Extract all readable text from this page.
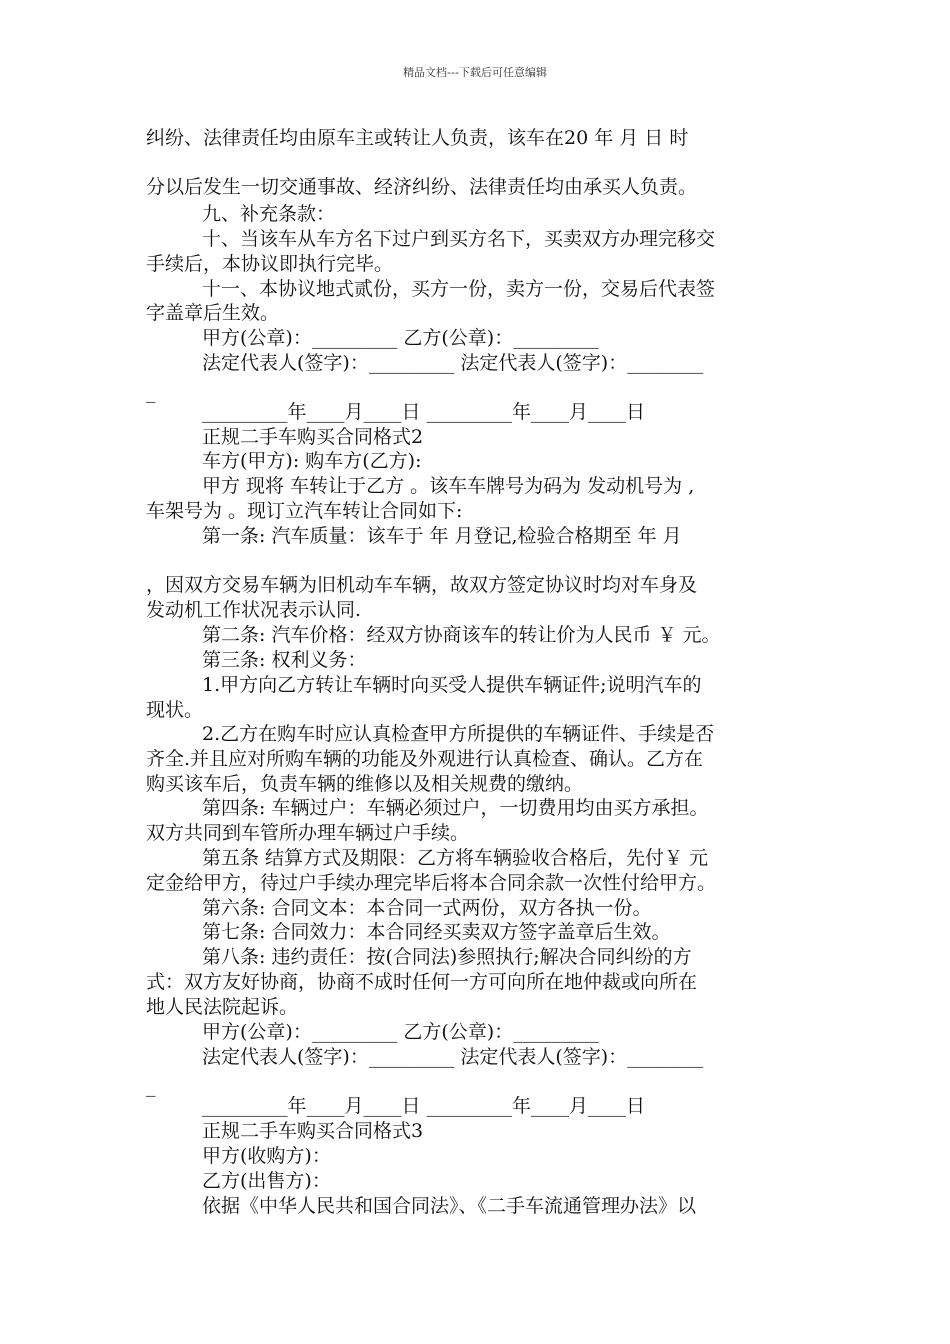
精品文档---下载后可任意编辑
纠纷、法律责任均由原车主或转让人负责，该车在20 年 月 日 时
分以后发生一切交通事故、经济纠纷、法律责任均由承买人负责。
九、补充条款：
十、当该车从车方名下过户到买方名下，买卖双方办理完移交
手续后，本协议即执行完毕。
十一、本协议地式贰份，买方一份，卖方一份，交易后代表签
字盖章后生效。
甲方(公章)：_________ 乙方(公章)：_________
法定代表人(签字)：_________ 法定代表人(签字)：________
_
_________年____月____日 _________年____月____日
正规二手车购买合同格式2
车方(甲方): 购车方(乙方):
甲方 现将 车转让于乙方 。该车车牌号为码为 发动机号为 ,
车架号为 。现订立汽车转让合同如下:
第一条: 汽车质量：该车于 年 月登记,检验合格期至 年 月
，因双方交易车辆为旧机动车车辆，故双方签定协议时均对车身及
发动机工作状况表示认同.
第二条: 汽车价格：经双方协商该车的转让价为人民币 ￥ 元。
第三条: 权利义务：
1.甲方向乙方转让车辆时向买受人提供车辆证件;说明汽车的
现状。
2.乙方在购车时应认真检查甲方所提供的车辆证件、手续是否
齐全.并且应对所购车辆的功能及外观进行认真检查、确认。乙方在
购买该车后，负责车辆的维修以及相关规费的缴纳。
第四条: 车辆过户：车辆必须过户，一切费用均由买方承担。
双方共同到车管所办理车辆过户手续。
第五条 结算方式及期限：乙方将车辆验收合格后，先付￥ 元
定金给甲方，待过户手续办理完毕后将本合同余款一次性付给甲方。
第六条: 合同文本：本合同一式两份，双方各执一份。
第七条: 合同效力：本合同经买卖双方签字盖章后生效。
第八条: 违约责任：按(合同法)参照执行;解决合同纠纷的方
式：双方友好协商，协商不成时任何一方可向所在地仲裁或向所在
地人民法院起诉。
甲方(公章)：_________ 乙方(公章)：_________
法定代表人(签字)：_________ 法定代表人(签字)：________
_
_________年____月____日 _________年____月____日
正规二手车购买合同格式3
甲方(收购方)：
乙方(出售方)：
依据《中华人民共和国合同法》、《二手车流通管理办法》以
